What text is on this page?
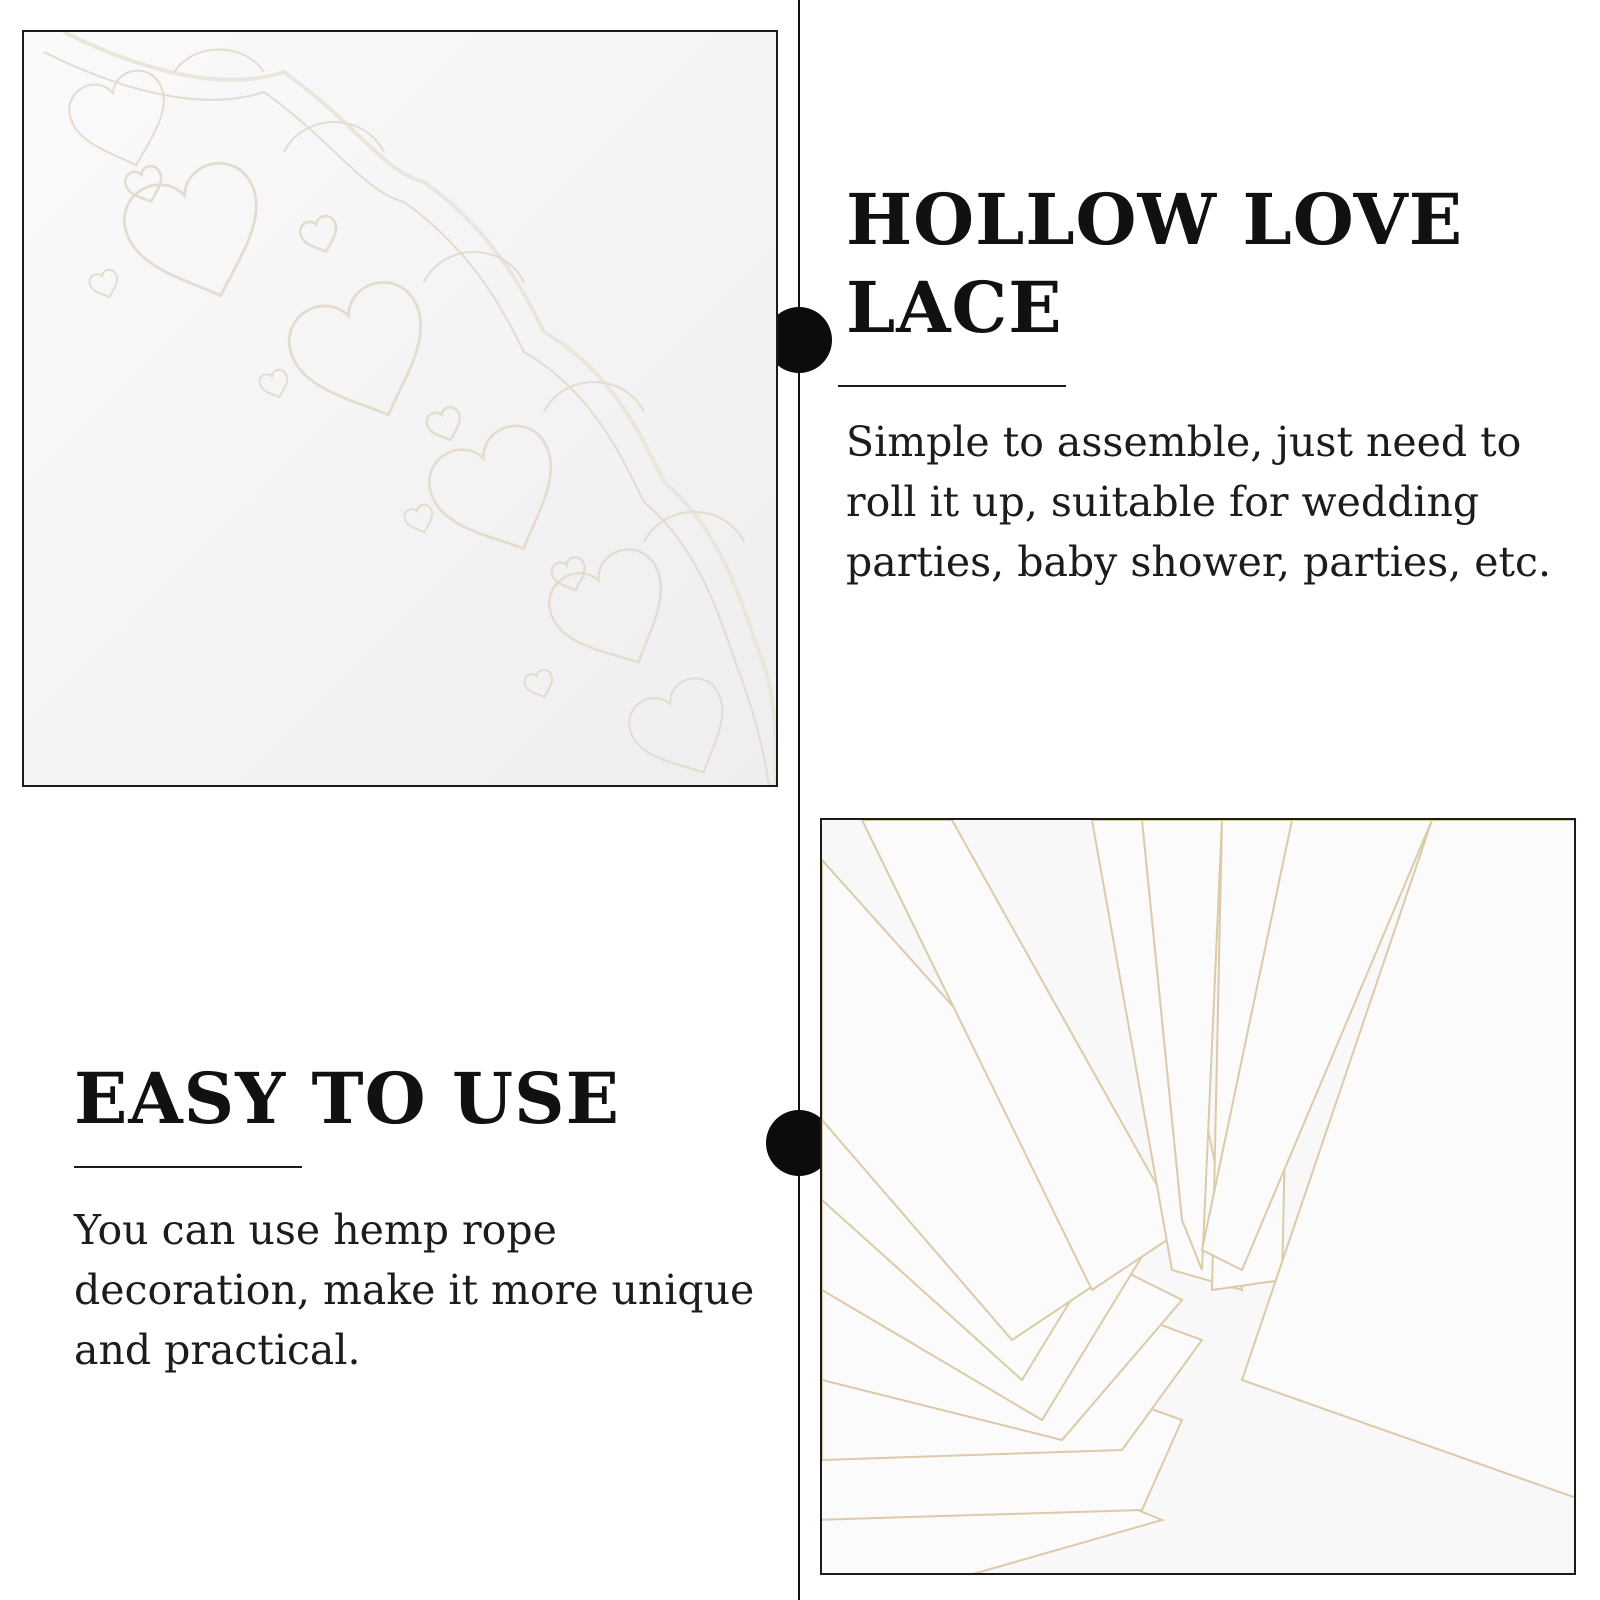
HOLLOW LOVE LACE

Simple to assemble, just need to roll it up, suitable for wedding parties, baby shower, parties, etc.

EASY TO USE

You can use hemp rope decoration, make it more unique and practical.
